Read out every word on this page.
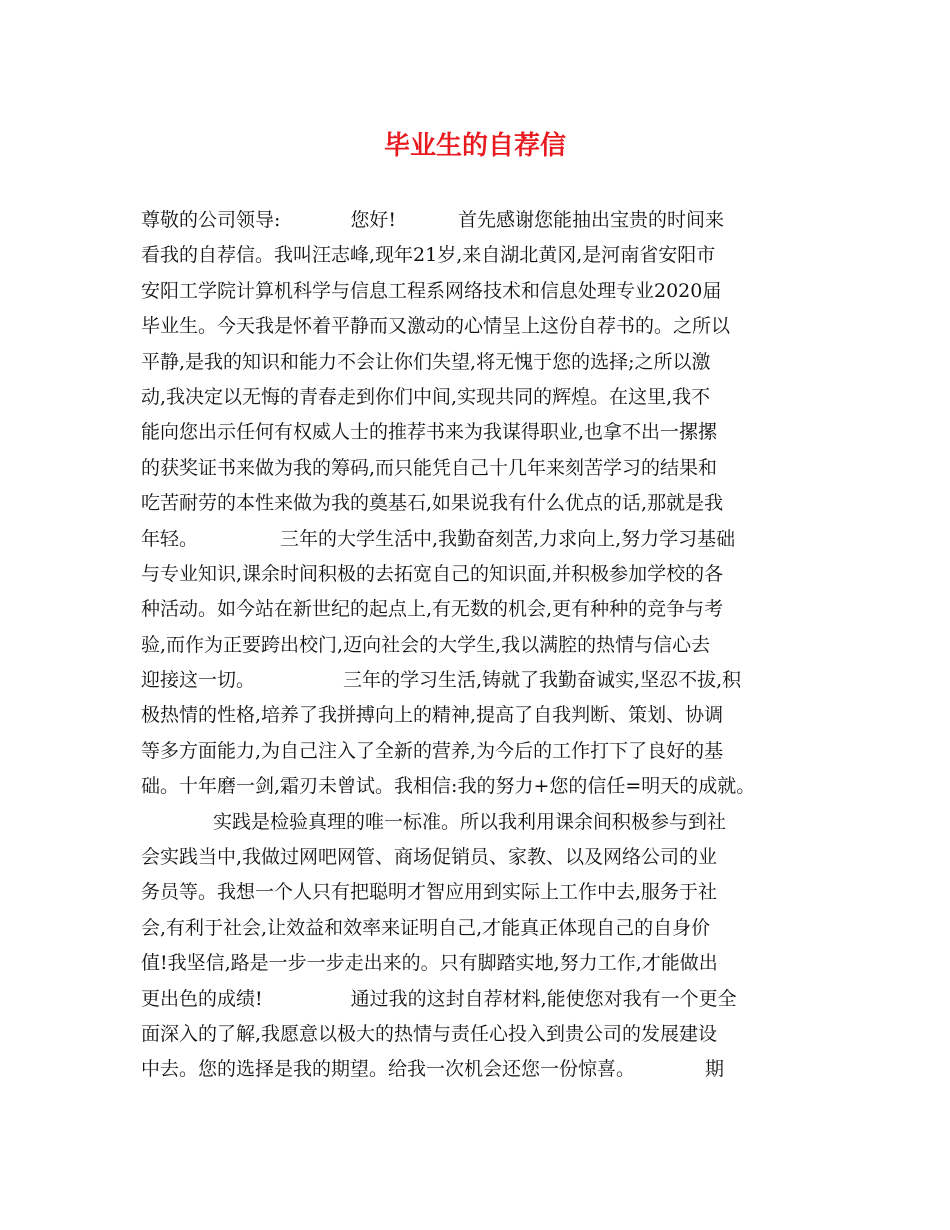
毕业生的自荐信
尊敬的公司领导:	您好!	首先感谢您能抽出宝贵的时间来
看我的自荐信。我叫汪志峰,现年21岁,来自湖北黄冈,是河南省安阳市
安阳工学院计算机科学与信息工程系网络技术和信息处理专业2020届
毕业生。今天我是怀着平静而又激动的心情呈上这份自荐书的。之所以
平静,是我的知识和能力不会让你们失望,将无愧于您的选择;之所以激
动,我决定以无悔的青春走到你们中间,实现共同的辉煌。在这里,我不
能向您出示任何有权威人士的推荐书来为我谋得职业,也拿不出一摞摞
的获奖证书来做为我的筹码,而只能凭自己十几年来刻苦学习的结果和
吃苦耐劳的本性来做为我的奠基石,如果说我有什么优点的话,那就是我
年轻。	三年的大学生活中,我勤奋刻苦,力求向上,努力学习基础
与专业知识,课余时间积极的去拓宽自己的知识面,并积极参加学校的各
种活动。如今站在新世纪的起点上,有无数的机会,更有种种的竞争与考
验,而作为正要跨出校门,迈向社会的大学生,我以满腔的热情与信心去
迎接这一切。	三年的学习生活,铸就了我勤奋诚实,坚忍不拔,积
极热情的性格,培养了我拼搏向上的精神,提高了自我判断、策划、协调
等多方面能力,为自己注入了全新的营养,为今后的工作打下了良好的基
础。十年磨一剑,霜刃未曾试。我相信:我的努力+您的信任=明天的成就。
实践是检验真理的唯一标准。所以我利用课余间积极参与到社
会实践当中,我做过网吧网管、商场促销员、家教、以及网络公司的业
务员等。我想一个人只有把聪明才智应用到实际上工作中去,服务于社
会,有利于社会,让效益和效率来证明自己,才能真正体现自己的自身价
值!我坚信,路是一步一步走出来的。只有脚踏实地,努力工作,才能做出
更出色的成绩!	通过我的这封自荐材料,能使您对我有一个更全
面深入的了解,我愿意以极大的热情与责任心投入到贵公司的发展建设
中去。您的选择是我的期望。给我一次机会还您一份惊喜。	期
